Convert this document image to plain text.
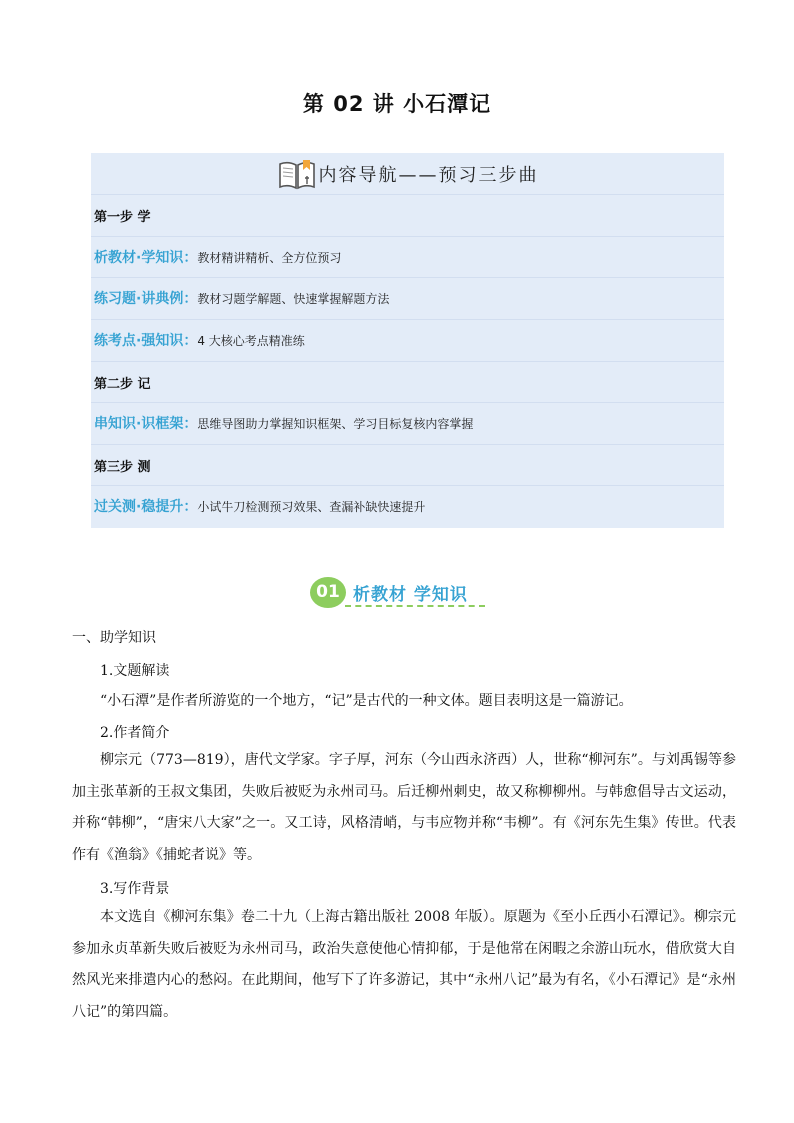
第 02 讲 小石潭记
内容导航——预习三步曲
第一步 学
析教材·学知识： 教材精讲精析、全方位预习
练习题·讲典例： 教材习题学解题、快速掌握解题方法
练考点·强知识： 4 大核心考点精准练
第二步 记
串知识·识框架： 思维导图助力掌握知识框架、学习目标复核内容掌握
第三步 测
过关测·稳提升： 小试牛刀检测预习效果、查漏补缺快速提升
01 析教材 学知识
一、助学知识
1.文题解读
“小石潭”是作者所游览的一个地方，“记”是古代的一种文体。题目表明这是一篇游记。
2.作者简介

柳宗元（773—819），唐代文学家。字子厚，河东（今山西永济西）人，世称“柳河东”。与刘禹锡等参加主张革新的王叔文集团，失败后被贬为永州司马。后迁柳州刺史，故又称柳柳州。与韩愈倡导古文运动，并称“韩柳”，“唐宋八大家”之一。又工诗，风格清峭，与韦应物并称“韦柳”。有《河东先生集》传世。代表作有《渔翁》《捕蛇者说》等。

3.写作背景

本文选自《柳河东集》卷二十九（上海古籍出版社 2008 年版）。原题为《至小丘西小石潭记》。柳宗元参加永贞革新失败后被贬为永州司马，政治失意使他心情抑郁，于是他常在闲暇之余游山玩水，借欣赏大自然风光来排遣内心的愁闷。在此期间，他写下了许多游记，其中“永州八记”最为有名，《小石潭记》是“永州八记”的第四篇。
